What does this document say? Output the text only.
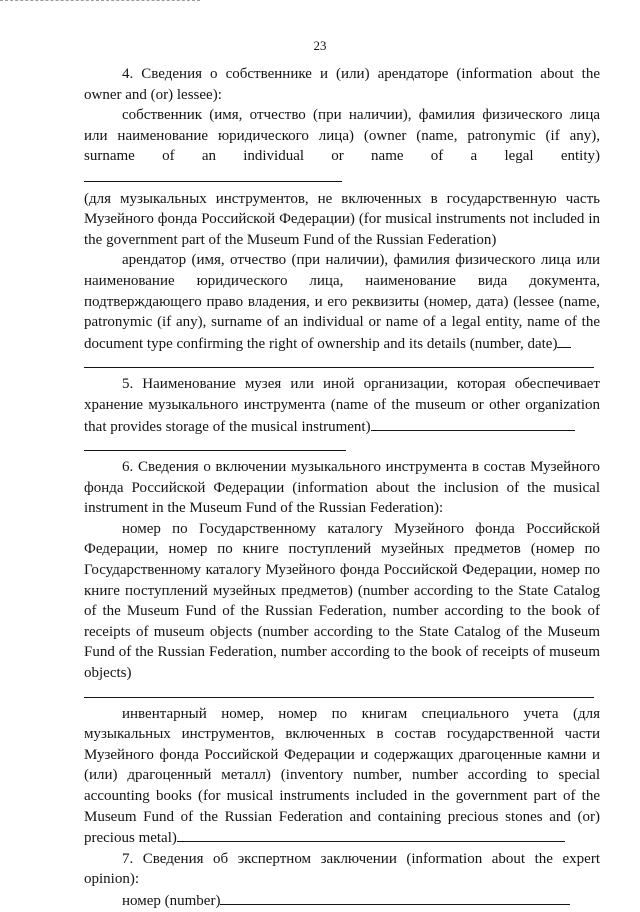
23

4. Сведения о собственнике и (или) арендаторе (information about the owner and (or) lessee):

собственник (имя, отчество (при наличии), фамилия физического лица или наименование юридического лица) (owner (name, patronymic (if any), surname of an individual or name of a legal entity)

(для музыкальных инструментов, не включенных в государственную часть Музейного фонда Российской Федерации) (for musical instruments not included in the government part of the Museum Fund of the Russian Federation)

арендатор (имя, отчество (при наличии), фамилия физического лица или наименование юридического лица, наименование вида документа, подтверждающего право владения, и его реквизиты (номер, дата) (lessee (name, patronymic (if any), surname of an individual or name of a legal entity, name of the document type confirming the right of ownership and its details (number, date)

5. Наименование музея или иной организации, которая обеспечивает хранение музыкального инструмента (name of the museum or other organization that provides storage of the musical instrument)

6. Сведения о включении музыкального инструмента в состав Музейного фонда Российской Федерации (information about the inclusion of the musical instrument in the Museum Fund of the Russian Federation):

номер по Государственному каталогу Музейного фонда Российской Федерации, номер по книге поступлений музейных предметов (номер по Государственному каталогу Музейного фонда Российской Федерации, номер по книге поступлений музейных предметов) (number according to the State Catalog of the Museum Fund of the Russian Federation, number according to the book of receipts of museum objects (number according to the State Catalog of the Museum Fund of the Russian Federation, number according to the book of receipts of museum objects)

инвентарный номер, номер по книгам специального учета (для музыкальных инструментов, включенных в состав государственной части Музейного фонда Российской Федерации и содержащих драгоценные камни и (или) драгоценный металл) (inventory number, number according to special accounting books (for musical instruments included in the government part of the Museum Fund of the Russian Federation and containing precious stones and (or) precious metal)

7. Сведения об экспертном заключении (information about the expert opinion):

номер (number)
